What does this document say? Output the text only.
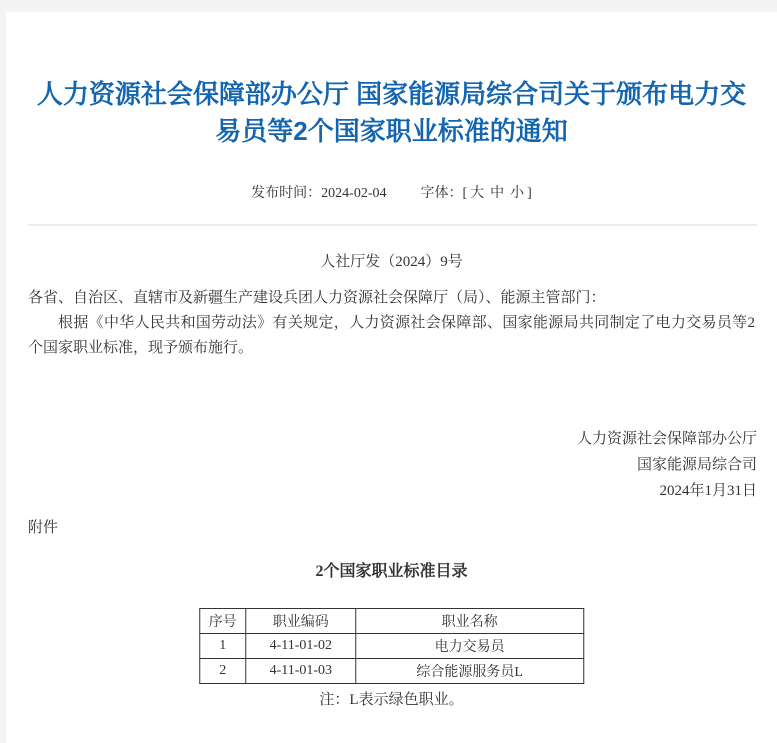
人力资源社会保障部办公厅 国家能源局综合司关于颁布电力交易员等2个国家职业标准的通知
发布时间：2024-02-04 字体：[ 大 中 小 ]
人社厅发（2024）9号

各省、自治区、直辖市及新疆生产建设兵团人力资源社会保障厅（局）、能源主管部门：

根据《中华人民共和国劳动法》有关规定，人力资源社会保障部、国家能源局共同制定了电力交易员等2个国家职业标准，现予颁布施行。

人力资源社会保障部办公厅
国家能源局综合司
2024年1月31日
附件
2个国家职业标准目录
序号	职业编码	职业名称
1	4-11-01-02	电力交易员
2	4-11-01-03	综合能源服务员L
注：L表示绿色职业。
